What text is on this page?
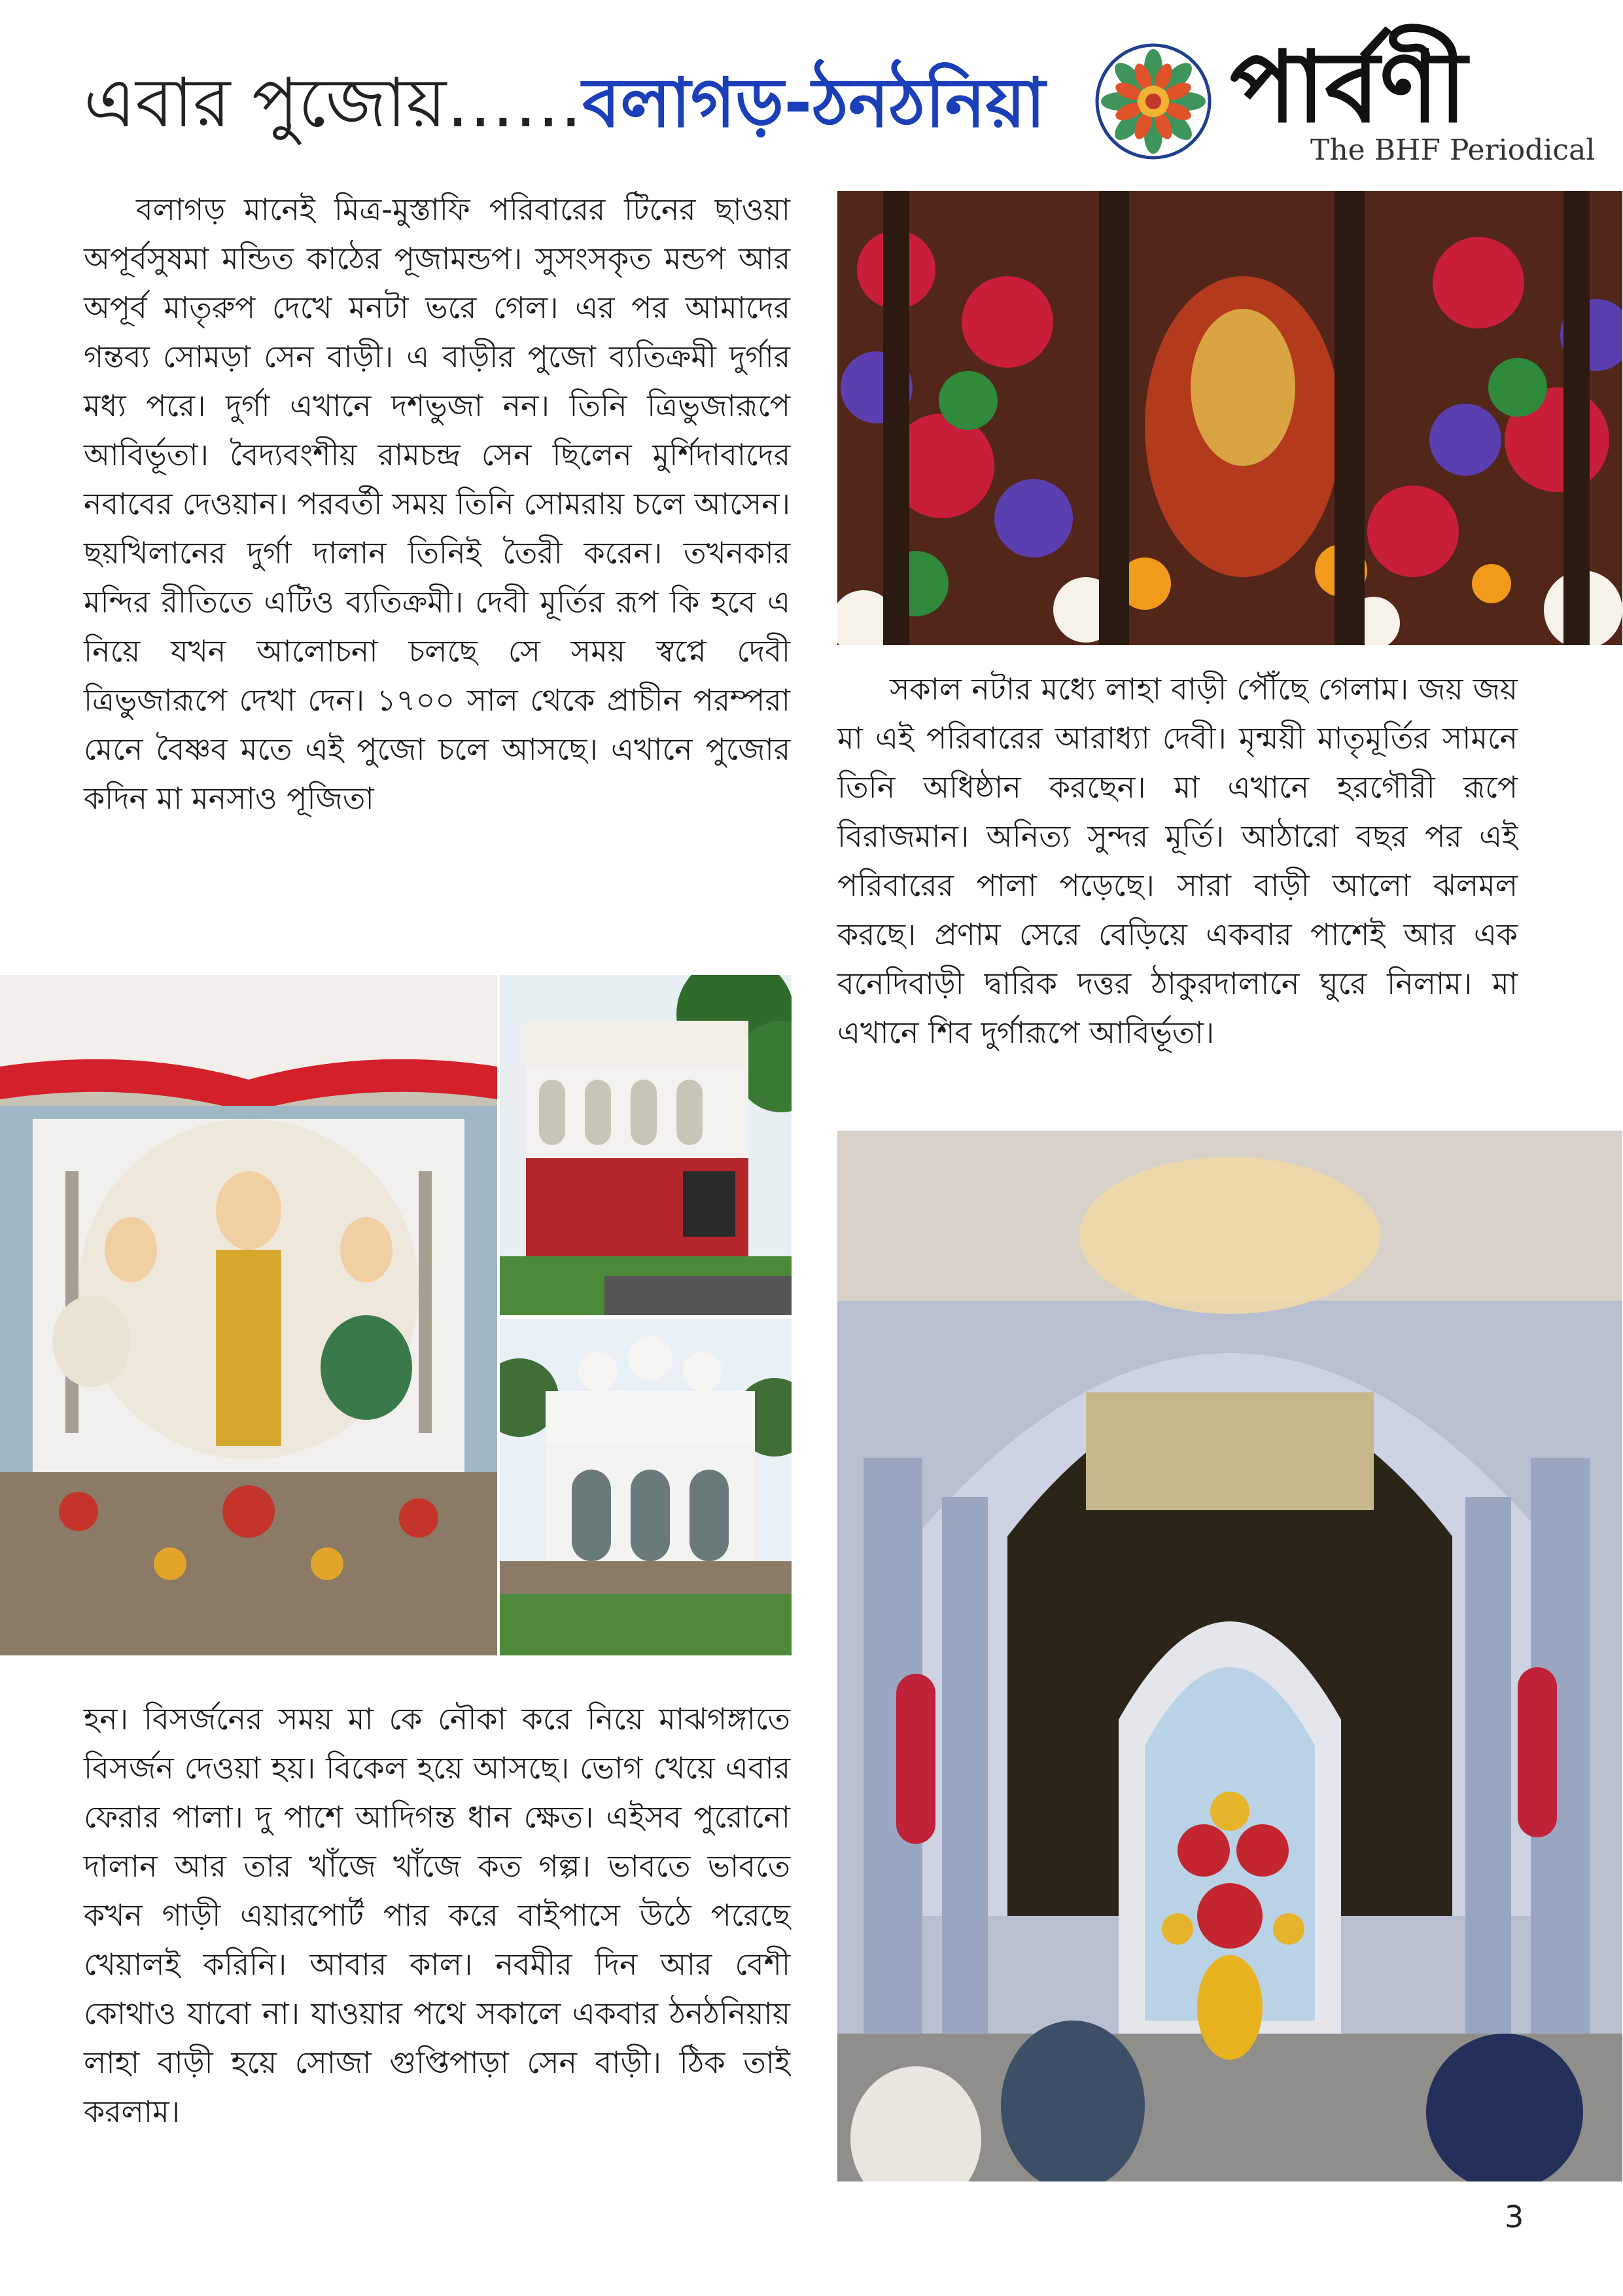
এবার পুজোয়……বলাগড়-ঠনঠনিয়া পার্বণী
The BHF Periodical

বলাগড় মানেই মিত্র-মুস্তাফি পরিবারের টিনের ছাওয়া অপূর্বসুষমা মন্ডিত কাঠের পূজামন্ডপ। সুসংসকৃত মন্ডপ আর অপূর্ব মাতৃরুপ দেখে মনটা ভরে গেল। এর পর আমাদের গন্তব্য সোমড়া সেন বাড়ী। এ বাড়ীর পুজো ব্যতিক্রমী দুর্গার মধ্য পরে। দুর্গা এখানে দশভুজা নন। তিনি ত্রিভুজারূপে আবির্ভূতা। বৈদ্যবংশীয় রামচন্দ্র সেন ছিলেন মুর্শিদাবাদের নবাবের দেওয়ান। পরবর্তী সময় তিনি সোমরায় চলে আসেন। ছয়খিলানের দুর্গা দালান তিনিই তৈরী করেন। তখনকার মন্দির রীতিতে এটিও ব্যতিক্রমী। দেবী মূর্তির রূপ কি হবে এ নিয়ে যখন আলোচনা চলছে সে সময় স্বপ্নে দেবী ত্রিভুজারূপে দেখা দেন। ১৭০০ সাল থেকে প্রাচীন পরম্পরা মেনে বৈষ্ণব মতে এই পুজো চলে আসছে। এখানে পুজোর কদিন মা মনসাও পূজিতা

সকাল নটার মধ্যে লাহা বাড়ী পৌঁছে গেলাম। জয় জয় মা এই পরিবারের আরাধ্যা দেবী। মৃন্ময়ী মাতৃমূর্তির সামনে তিনি অধিষ্ঠান করছেন। মা এখানে হরগৌরী রূপে বিরাজমান। অনিত্য সুন্দর মূর্তি। আঠারো বছর পর এই পরিবারের পালা পড়েছে। সারা বাড়ী আলো ঝলমল করছে। প্রণাম সেরে বেড়িয়ে একবার পাশেই আর এক বনেদিবাড়ী দ্বারিক দত্তর ঠাকুরদালানে ঘুরে নিলাম। মা এখানে শিব দুর্গারূপে আবির্ভূতা।

হন। বিসর্জনের সময় মা কে নৌকা করে নিয়ে মাঝগঙ্গাতে বিসর্জন দেওয়া হয়। বিকেল হয়ে আসছে। ভোগ খেয়ে এবার ফেরার পালা। দু পাশে আদিগন্ত ধান ক্ষেত। এইসব পুরোনো দালান আর তার খাঁজে খাঁজে কত গল্প। ভাবতে ভাবতে কখন গাড়ী এয়ারপোর্ট পার করে বাইপাসে উঠে পরেছে খেয়ালই করিনি। আবার কাল। নবমীর দিন আর বেশী কোথাও যাবো না। যাওয়ার পথে সকালে একবার ঠনঠনিয়ায় লাহা বাড়ী হয়ে সোজা গুপ্তিপাড়া সেন বাড়ী। ঠিক তাই করলাম।

3
